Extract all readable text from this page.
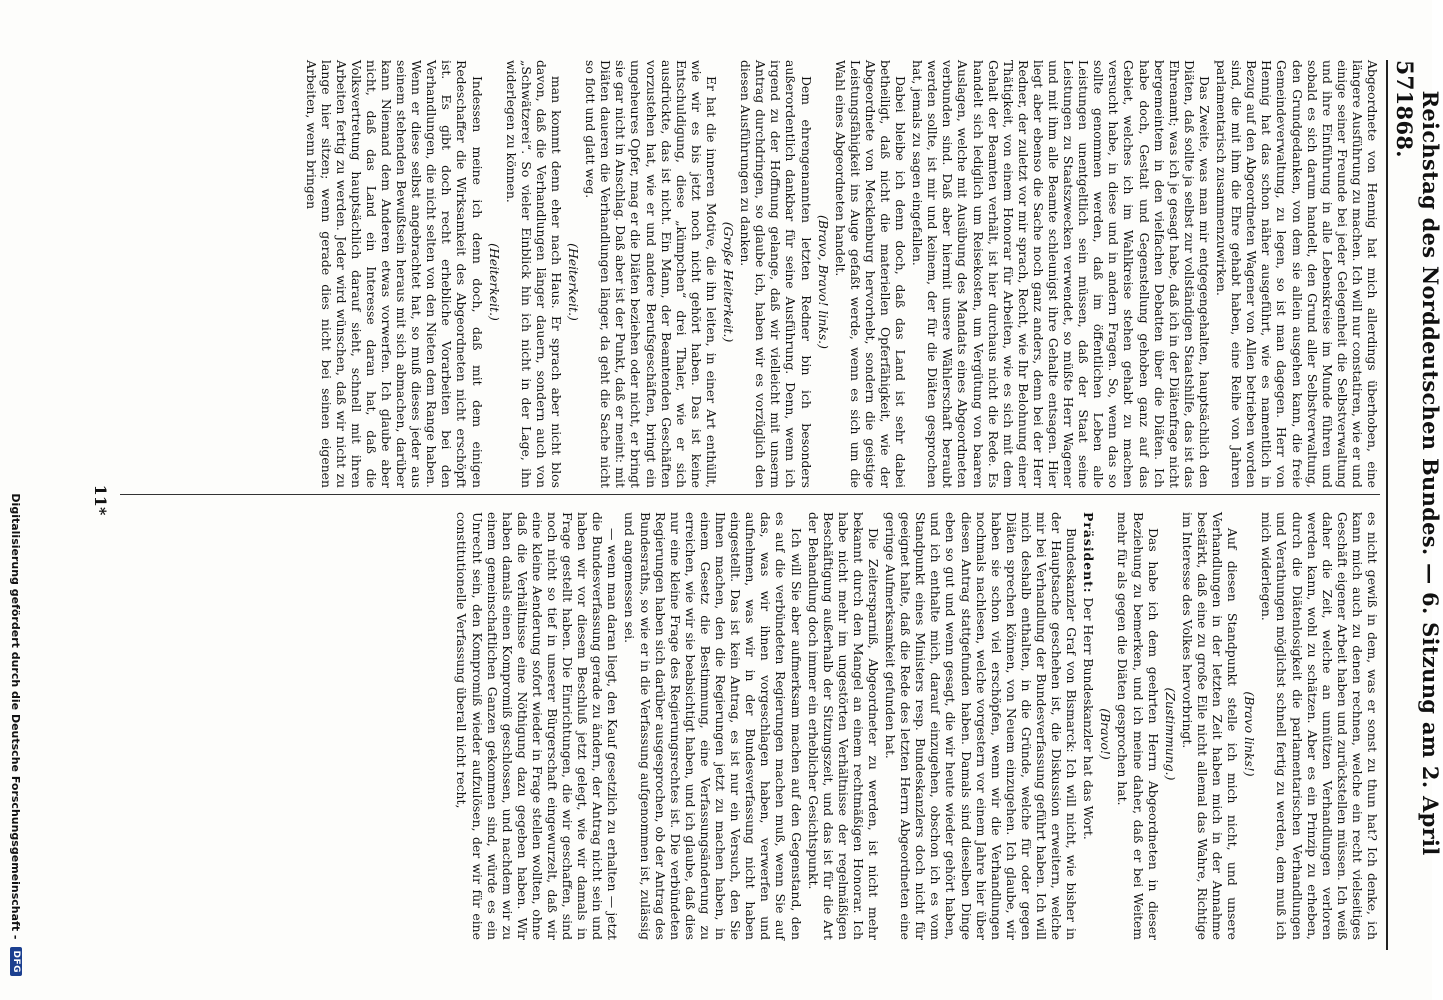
57
Reichstag des Norddeutschen Bundes. — 6. Sitzung am 2. April 1868.

Abgeordnete von Hennig hat mich allerdings überhoben, eine längere Ausführung zu machen. Ich will nur constatiren, wie er und einige seiner Freunde bei jeder Gelegenheit die Selbstverwaltung und ihre Einführung in alle Lebenskreise im Munde führen und sobald es sich darum handelt, den Grund aller Selbstverwaltung, den Grundgedanken, von dem sie allein ausgehen kann, die freie Gemeindeverwaltung, zu legen, so ist man dagegen. Herr von Hennig hat das schon näher ausgeführt, wie es namentlich in Bezug auf den Abgeordneten Wagener von Allen betrieben worden sind, die mit ihm die Ehre gehabt haben, eine Reihe von Jahren parlamentarisch zusammenzuwirken.

Das Zweite, was man mir entgegengehalten, hauptsächlich den Diäten, daß sollte ja selbst zur vollständigen Staatshilfe, das ist das Ehrenamt; was ich je gesagt habe, daß ich in der Diätenfrage nicht bergemeintem in den vielfachen Debatten über die Diäten. Ich habe doch, Gestalt und Gegenstellung gehoben ganz auf das Gebiet, welches ich im Wahlkreise stehen gehabt zu machen versucht habe, in diese und in andern Fragen. So, wenn das so sollte genommen werden, daß im öffentlichen Leben alle Leistungen unentgeltlich sein müssen, daß der Staat seine Leistungen zu Staatszwecken verwendet, so müßte Herr Wagener und mit ihm alle Beamte schleunigst ihre Gehalte entsagen. Hier liegt aber ebenso die Sache noch ganz anders, denn bei der Herr Redner, der zuletzt vor mir sprach, Recht, wie Ihr Belohnung einer Thätigkeit, von einem Honorar für Arbeiten, wie es sich mit dem Gehalt der Beamten verhält, ist hier durchaus nicht die Rede. Es handelt sich lediglich um Reisekosten, um Vergütung von baaren Auslagen, welche mit Ausübung des Mandats eines Abgeordneten verbunden sind. Daß aber hiermit unsere Wählerschaft beraubt werden sollte, ist mir und keinem, der für die Diäten gesprochen hat, jemals zu sagen eingefallen.

Dabei bleibe ich denn doch, daß das Land ist sehr dabei betheiligt, daß nicht die materiellen Opferfähigkeit, wie der Abgeordnete von Mecklenburg hervorhebt, sondern die geistige Leistungsfähigkeit ins Auge gefaßt werde, wenn es sich um die Wahl eines Abgeordneten handelt.

(Bravo, Bravo! links.)

Dem ehrengenannten letzten Redner bin ich besonders außerordentlich dankbar für seine Ausführung. Denn, wenn ich irgend zu der Hoffnung gelange, daß wir vielleicht mit unserm Antrag durchdringen, so glaube ich, haben wir es vorzüglich den diesen Ausführungen zu danken.

(Große Heiterkeit.)

Er hat die inneren Motive, die ihn leiten, in einer Art enthüllt, wie wir es bis jetzt noch nicht gehört haben. Das ist keine Entschuldigung, diese „kümpchen“ drei Thaler, wie er sich ausdrückte, das ist nicht. Ein Mann, der Beamtenden Geschäften vorzustehen hat, wie er und andere Berufsgeschäften, bringt ein ungeheures Opfer, mag er die Diäten beziehen oder nicht, er bringt sie gar nicht in Anschlag. Daß aber ist der Punkt, daß er meint: mit Diäten daueren die Verhandlungen länger, da geht die Sache nicht so flott und glatt weg.

(Heiterkeit.)

man kommt denn eher nach Haus. Er sprach aber nicht blos davon, daß die Verhandlungen länger dauern, sondern auch von „Schwätzerei“. So vieler Einblick hin ich nicht in der Lage, ihn widerlegen zu können.

(Heiterkeit.)

Indessen meine ich denn doch, daß mit dem einigen Redeschaffer die Wirksamkeit des Abgeordneten nicht erschöpft ist. Es gibt doch recht erhebliche Vorarbeiten bei den Verhandlungen, die nicht selten von den Nieten dem Range haben. Wenn er diese selbst angebrachtet hat, so muß dieses jeder aus seinem stehenden Bewußtsein heraus mit sich abmachen, darüber kann Niemand dem Anderen etwas vorwerfen. Ich glaube aber nicht, daß das Land ein Interesse daran hat, daß die Volksvertretung hauptsächlich darauf sieht, schnell mit ihren Arbeiten fertig zu werden. Jeder wird wünschen, daß wir nicht zu lange hier sitzen; wenn gerade dies nicht bei seinen eigenen Arbeiten, wenn bringen

es nicht gewiß in dem, was er sonst zu thun hat? Ich denke, ich kann mich auch zu denen rechnen, welche ein recht vielseitiges Geschäft eigener Arbeit haben und zurückstellen müssen. Ich weiß daher die Zeit, welche an unnützen Verhandlungen verloren werden kann, wohl zu schätzen. Aber es ein Prinzip zu erheben, durch die Diätenlosigkeit die parlamentarischen Verhandlungen und Verathungen möglichst schnell fertig zu werden, dem muß ich mich widerlegen.

(Bravo links!)

Auf diesen Standpunkt stelle ich mich nicht, und unsere Verhandlungen in der letzten Zeit haben mich in der Annahme bestärkt, daß eine zu große Eile nicht allemal das Wahre, Richtige im Interesse des Volkes hervorbringt.

(Zustimmung.)

Das habe ich dem geehrten Herrn Abgeordneten in dieser Beziehung zu bemerken, und ich meine daher, daß er bei Weitem mehr für als gegen die Diäten gesprochen hat.

(Bravo!)

Präsident: Der Herr Bundeskanzler hat das Wort.

Bundeskanzler Graf von Bismarck: Ich will nicht, wie bisher in der Hauptsache geschehen ist, die Diskussion erweitern, welche mir bei Verhandlung der Bundesverfassung geführt haben. Ich will mich deshalb enthalten, in die Gründe, welche für oder gegen Diäten sprechen können, von Neuem einzugehen. Ich glaube, wir haben sie schon viel erschöpfen, wenn wir die Verhandlungen nochmals nachlesen, welche vorgestern vor einem Jahre hier über diesen Antrag stattgefunden haben. Damals sind dieselben Dinge eben so gut und wenn gesagt, die wir heute wieder gehört haben, und ich enthalte mich, darauf einzugehen, obschon ich es vom Standpunkt eines Ministers resp. Bundeskanzlers doch nicht für geeignet halte, daß die Rede des letzten Herrn Abgeordneten eine geringe Aufmerksamkeit gefunden hat.

Die Zeitersparniß, Abgeordneter zu werden, ist nicht mehr bekannt durch den Mangel an einem rechtmäßigen Honorar. Ich habe nicht mehr im ungestörten Verhältnisse der regelmäßigen Beschäftigung außerhalb der Sitzungszeit, und das ist für die Art der Behandlung doch immer ein erheblicher Gesichtspunkt.

Ich will Sie aber aufmerksam machen auf den Gegenstand, den es auf die verbündeten Regierungen machen muß, wenn Sie auf das, was wir ihnen vorgeschlagen haben, verwerfen und aufnehmen, was wir in der Bundesverfassung nicht haben eingestellt. Das ist kein Antrag, es ist nur ein Versuch, den Sie Ihnen machen, den die Regierungen jetzt zu machen haben, in einem Gesetz die Bestimmung, eine Verfassungsänderung zu erreichen, wie wir sie beabsichtigt haben, und ich glaube, daß dies nur eine kleine Frage des Regierungsrechtes ist. Die verbündeten Regierungen haben sich darüber ausgesprochen, ob der Antrag des Bundesraths, so wie er in die Verfassung aufgenommen ist, zulässig und angemessen sei.

— wenn man daran liegt, den Kauf gesetzlich zu erhalten — jetzt die Bundesverfassung gerade zu ändern, der Antrag nicht sein und haben wir vor diesem Beschluß jetzt gelegt, wie wir damals in Frage gestellt haben. Die Einrichtungen, die wir geschaffen, sind noch nicht so tief in unserer Bürgerschaft eingewurzelt, daß wir eine kleine Aenderung sofort wieder in Frage stellen wollten, ohne daß die Verhältnisse eine Nöthigung dazu gegeben haben. Wir haben damals einen Kompromiß geschlossen, und nachdem wir zu einem gemeinschaftlichen Ganzen gekommen sind, würde es ein Unrecht sein, den Kompromiß wieder aufzulösen, der wir für eine constitutionelle Verfassung überall nicht recht,

11*
Digitalisierung gefördert durch die Deutsche Forschungsgemeinschaft -
DFG
